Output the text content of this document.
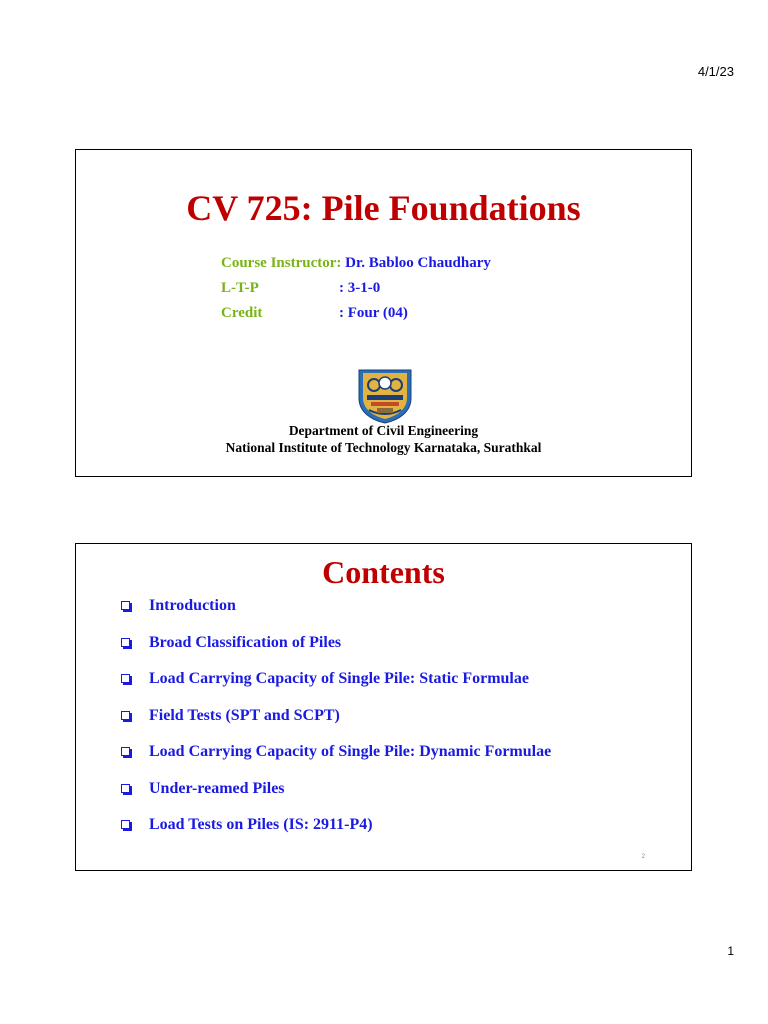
4/1/23
CV 725: Pile Foundations
Course Instructor: Dr. Babloo Chaudhary
L-T-P	: 3-1-0
Credit	: Four (04)
Department of Civil Engineering
National Institute of Technology Karnataka, Surathkal
Contents
Introduction
Broad Classification of Piles
Load Carrying Capacity of Single Pile: Static Formulae
Field Tests (SPT and SCPT)
Load Carrying Capacity of Single Pile: Dynamic Formulae
Under-reamed Piles
Load Tests on Piles (IS: 2911-P4)
2
1
